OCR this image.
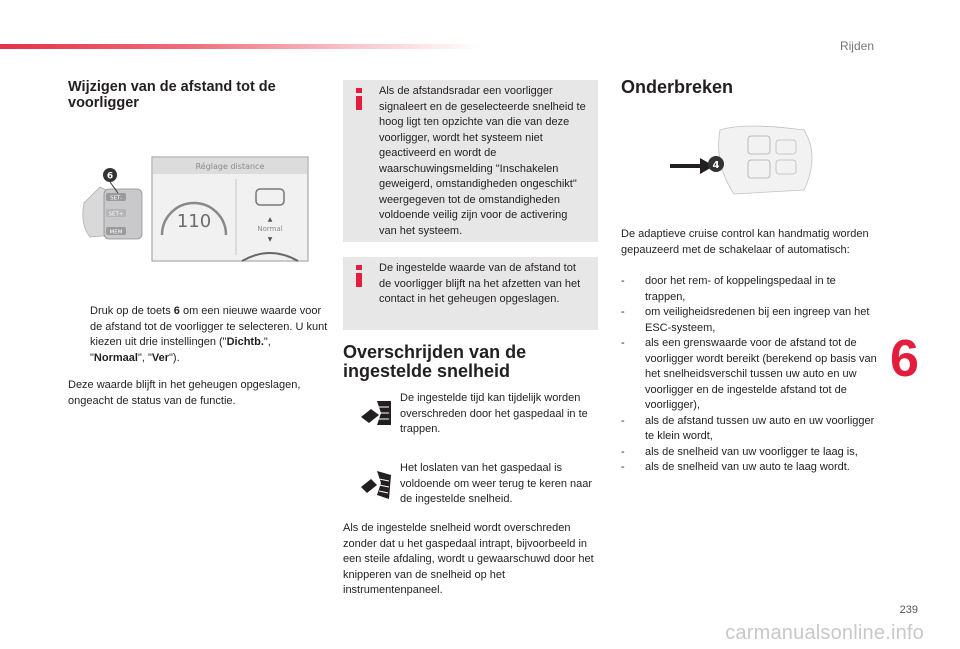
Rijden
6
239
carmanualsonline.info
Wijzigen van de afstand tot de voorligger
SET-
SET+
MEM
6
Réglage distance
110	▲
Normal
▼
Druk op de toets 6 om een nieuwe waarde voor de afstand tot de voorligger te selecteren. U kunt kiezen uit drie instellingen ("Dichtb.", "Normaal", "Ver").
Deze waarde blijft in het geheugen opgeslagen, ongeacht de status van de functie.
Als de afstandsradar een voorligger signaleert en de geselecteerde snelheid te hoog ligt ten opzichte van die van deze voorligger, wordt het systeem niet geactiveerd en wordt de waarschuwingsmelding "Inschakelen geweigerd, omstandigheden ongeschikt" weergegeven tot de omstandigheden voldoende veilig zijn voor de activering van het systeem.
De ingestelde waarde van de afstand tot de voorligger blijft na het afzetten van het contact in het geheugen opgeslagen.
Overschrijden van de ingestelde snelheid
De ingestelde tijd kan tijdelijk worden overschreden door het gaspedaal in te trappen.
Het loslaten van het gaspedaal is voldoende om weer terug te keren naar de ingestelde snelheid.
Als de ingestelde snelheid wordt overschreden zonder dat u het gaspedaal intrapt, bijvoorbeeld in een steile afdaling, wordt u gewaarschuwd door het knipperen van de snelheid op het instrumentenpaneel.
Onderbreken
4
De adaptieve cruise control kan handmatig worden gepauzeerd met de schakelaar of automatisch:
- door het rem- of koppelingspedaal in te trappen,
- om veiligheidsredenen bij een ingreep van het ESC-systeem,
- als een grenswaarde voor de afstand tot de voorligger wordt bereikt (berekend op basis van het snelheidsverschil tussen uw auto en uw voorligger en de ingestelde afstand tot de voorligger),
- als de afstand tussen uw auto en uw voorligger te klein wordt,
- als de snelheid van uw voorligger te laag is,
- als de snelheid van uw auto te laag wordt.
